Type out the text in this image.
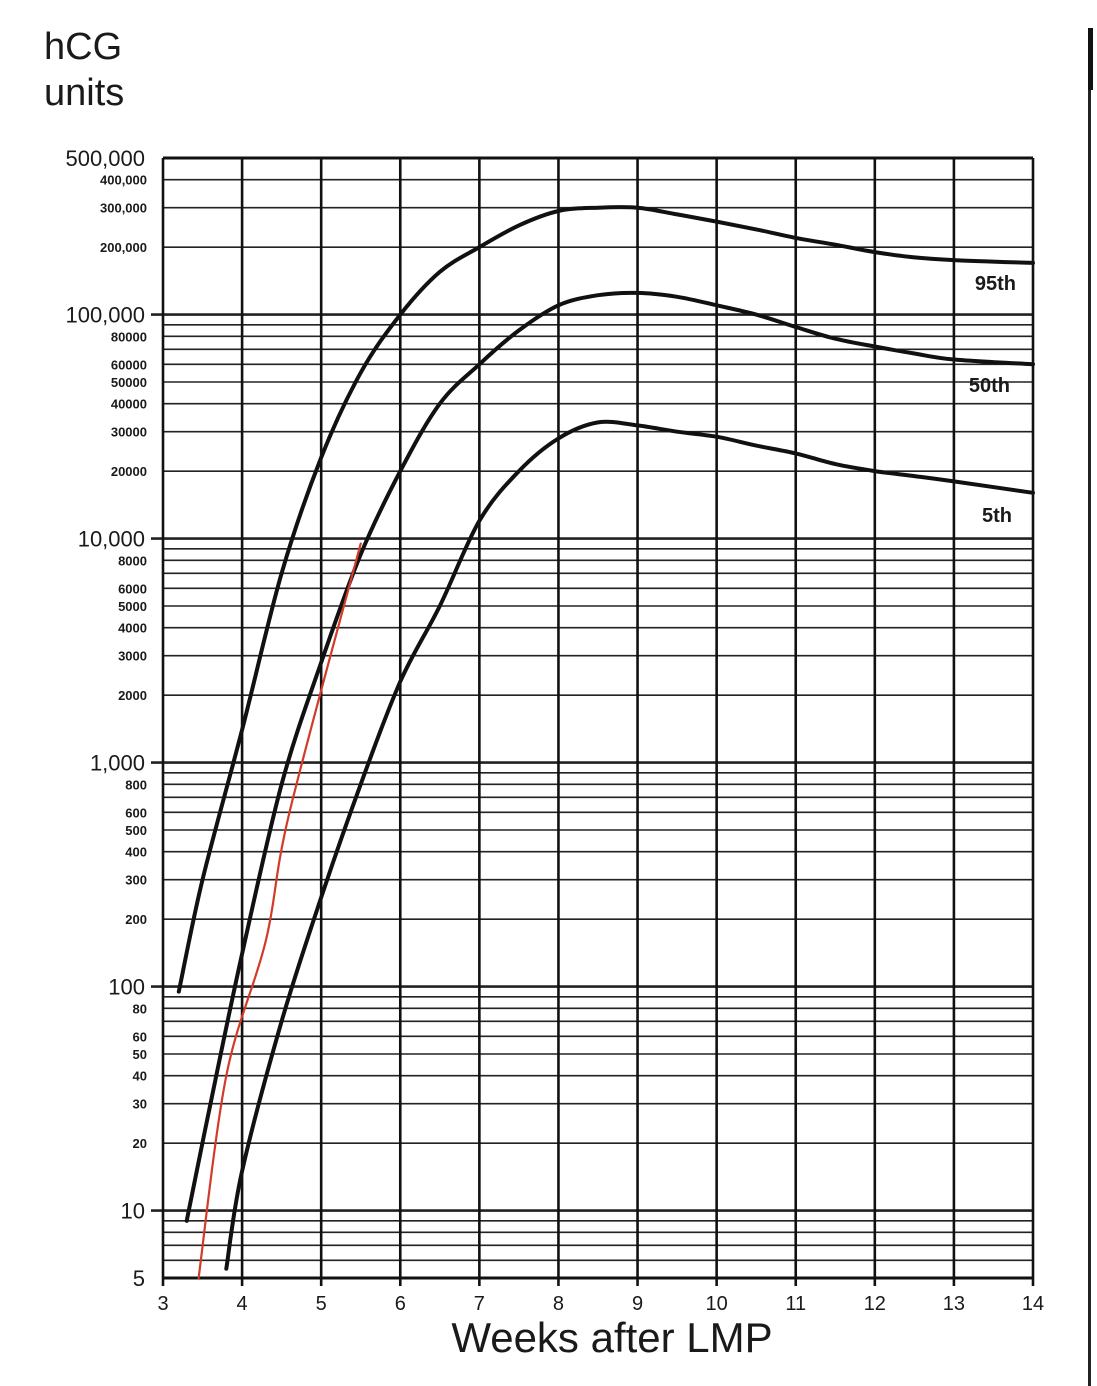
hCG
units
500,000
400,000
300,000
200,000
100,000
80000
60000
50000
40000
30000
20000
10,000
8000
6000
5000
4000
3000
2000
1,000
800
600
500
400
300
200
100
80
60
50
40
30
20
10
5
3	4	5	6	7	8	9	10	11	12	13	14
95th
50th
5th
Weeks after LMP
